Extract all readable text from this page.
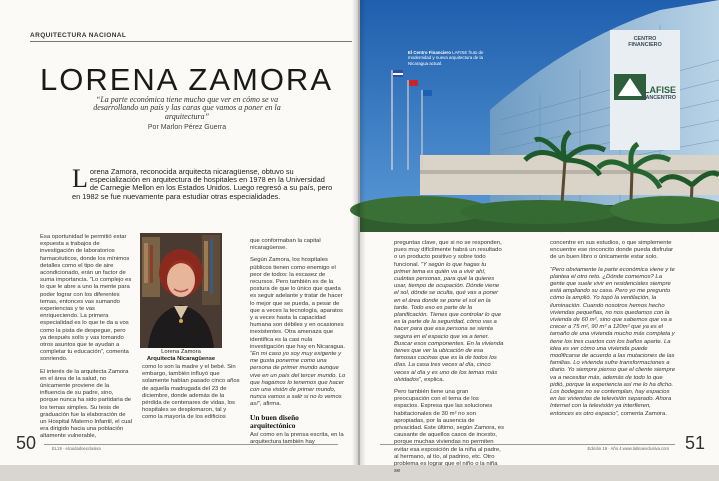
ARQUITECTURA NACIONAL
LORENA ZAMORA
“La parte económica tiene mucho que ver en cómo se va desarrollando un país y las caras que vamos a poner en la arquitectura”
Por Marlon Pérez Guerra
Lorena Zamora, reconocida arquitecta nicaragüense, obtuvo su especialización en arquitectura de hospitales en 1978 en la Universidad de Carnegie Mellon en los Estados Unidos. Luego regresó a su país, pero en 1982 se fue nuevamente para estudiar otras especialidades.

Esa oportunidad le permitió estar expuesta a trabajos de investigación de laboratorios farmacéuticos, donde los mínimos detalles como el tipo de aire acondicionado, erán un factor de suma importancia. “Lo complejo es lo que le abre a uno la mente para poder lograr con los diferentes temas, entonces vas sumando experiencias y te vas enriqueciendo. La primera especialidad es lo que te da a vos como la pista de despegue, pero ya después solís y vas tomando otros asuntos que te ayudan a completar tu educación”, comenta sonriendo.

El interés de la arquitecta Zamora en el área de la salud, no únicamente proviene de la influencia de su padre, sino, porque nunca ha sido partidaria de los temas simples. Su tesis de graduación fue la elaboración de un Hospital Materno Infantil, el cual era dirigido hacia una población altamente vulnerable,

Lorena Zamora
Arquitecta Nicaragüense

como lo son la madre y el bebé. Sin embargo, también influyó que solamente habían pasado cinco años de aquella madrugada del 23 de diciembre, donde además de la pérdida de centenares de vidas, los hospitales se desplomaron, tal y como la mayoría de los edificios

que conformaban la capital nicaragüense.

Según Zamora, los hospitales públicos tienen como enemigo el peor de todos: la escasez de recursos. Pero también es de la postura de que lo único que queda es seguir adelante y tratar de hacer lo mejor que se pueda, a pesar de que a veces la tecnología, aparatos y a veces hasta la capacidad humana son débiles y en ocasiones inexistentes. Otra amenaza que identifica es la casi nula investigación que hay en Nicaragua. “En mi caso yo soy muy exigente y me gusta ponerme como una persona de primer mundo aunque vive en un país del tercer mundo. Lo que hagamos lo tenemos que hacer con una visión de primer mundo, nunca vamos a salir si no lo vemos así”, afirma.

Un buen diseño arquitectónico

Así como en la prensa escrita, en la arquitectura también hay

50	EL19 · elcuidadoexclusiva
CENTRO
FINANCIERO
LAFISE
BANCENTRO
El Centro Financiero LAFISE fruto de modernidad y nueva arquitectura de la Nicaragua actual.

preguntas clave, que si no se responden, pues muy difícilmente habrá un resultado o un producto positivo y sobre todo funcional. “Y según lo que hagas tu primer tema es quién va a vivir ahí, cuántas personas, para qué la quieres usar, tiempo de ocupación. Dónde viene el sol, dónde se oculta, qué vas a poner en el área donde se pone el sol en la tarde. Todo eso es parte de la planificación. Tienes que controlar lo que es la parte de la seguridad, cómo vas a hacer para que esa persona se sienta segura en el espacio que va a tener. Buscar esos componentes. En la vivienda tienes que ver la ubicación de esa famosas cocinas que es la de todos los días. La casa tres veces al día, cinco veces al día y es uno de los temas más olvidados”, explica.

Pero también tiene una gran preocupación con el tema de los espacios. Expresa que las soluciones habitacionales de 30 m² no son apropiadas, por la ausencia de privacidad. Este último, según Zamora, es causante de aquellos casos de incesto, porque muchas viviendas no permiten evitar esa exposición de la niña al padre, al hermano, al tío, al padrino, etc. Otro problema es lograr que el niño o la niña se

concentre en sus estudios, o que simplemente encuentre ese rinconcito donde pueda disfrutar de un buen libro o únicamente estar solo.

“Pero obviamente la parte económica viene y te plantea el otro reto. ¿Dónde comemos? La gente que suele vivir en residenciales siempre está ampliando su casa. Pero yo me pregunto cómo la amplió. Yo topó la ventilación, la iluminación. Cuando nosotros hemos hecho viviendas pequeñas, no nos quedamos con la vivienda de 60 m², sino que sabemos que va a crecer a 75 m², 90 m² a 120m² que ya es el tamaño de una vivienda mucho más completa y tiene los tres cuartos con los baños aparte. La idea es ver cómo una vivienda puede modificarse de acuerdo a las mutaciones de las familias. Lo vivienda sufre transformaciones a diario. Yo siempre pienso que el cliente siempre va a necesitar más, además de todo lo que pidió, porque la experiencia así me lo ha dicho. Los bodegas no se contemplan, hay espacios en las viviendas de televisión separado. Ahora Internet con la televisión ya interfieren, entonces es otro espacio”, comenta Zamora.

Edición 19 · Año 4 www.latinaexclusiva.com 51
